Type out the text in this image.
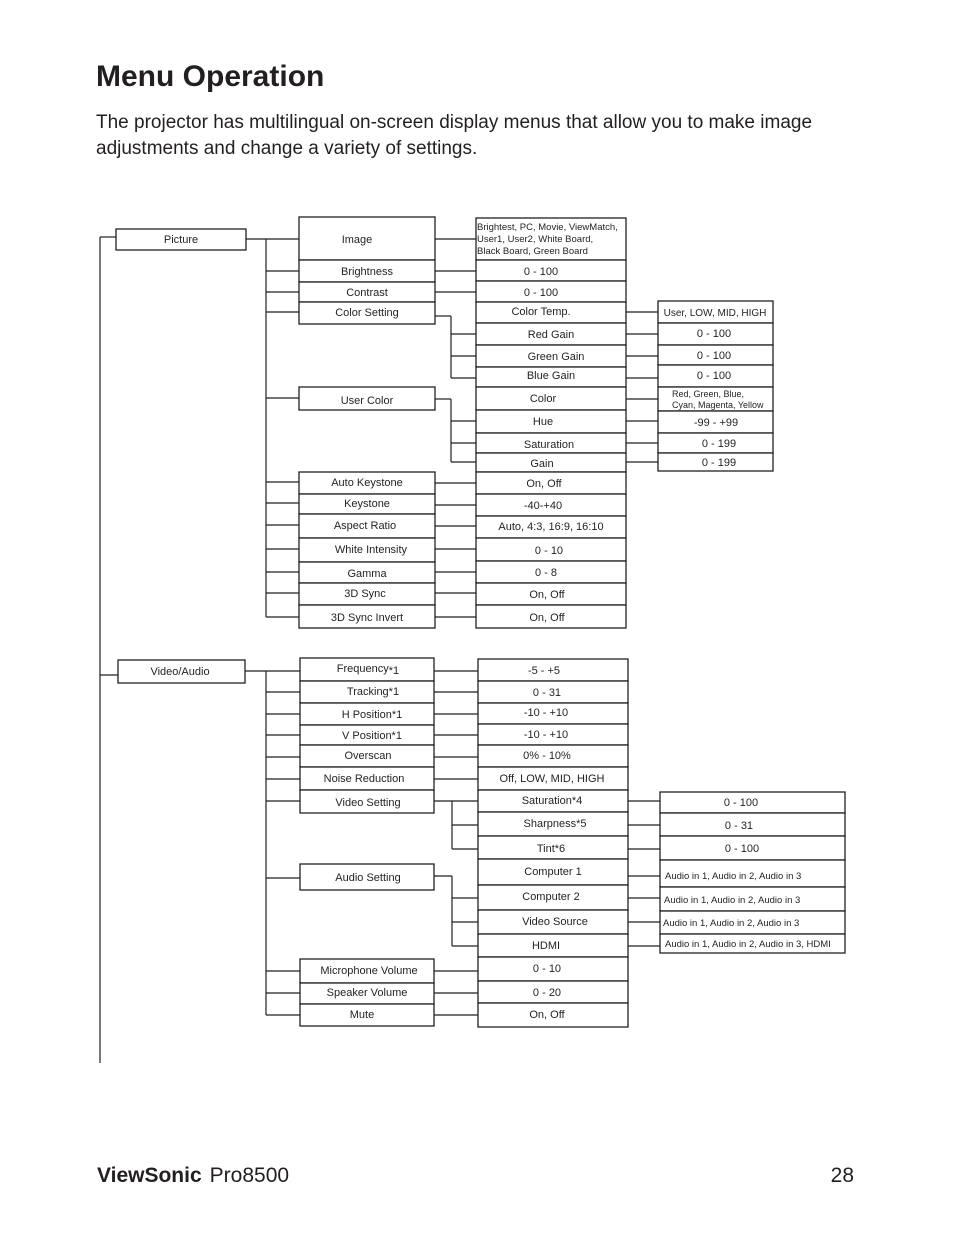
Menu Operation

The projector has multilingual on-screen display menus that allow you to make image adjustments and change a variety of settings.

Picture
Video/Audio
Image
Brightness
Contrast
Color Setting
User Color
Auto Keystone
Keystone
Aspect Ratio
White Intensity
Gamma
3D Sync
3D Sync Invert
Brightest, PC, Movie, ViewMatch,
User1, User2, White Board,
Black Board, Green Board
0 - 100
0 - 100
Color Temp.
Red Gain
Green Gain
Blue Gain
Color
Hue
Saturation
Gain
On, Off
-40-+40
Auto, 4:3, 16:9, 16:10
0 - 10
0 - 8
On, Off
On, Off
User, LOW, MID, HIGH
0 - 100
0 - 100
0 - 100
Red, Green, Blue,
Cyan, Magenta, Yellow
-99 - +99
0 - 199
0 - 199
Frequency*1
Tracking*1
H Position*1
V Position*1
Overscan
Noise Reduction
Video Setting
Audio Setting
Microphone Volume
Speaker Volume
Mute
-5 - +5
0 - 31
-10 - +10
-10 - +10
0% - 10%
Off, LOW, MID, HIGH
Saturation*4
Sharpness*5
Tint*6
Computer 1
Computer 2
Video Source
HDMI
0 - 10
0 - 20
On, Off
0 - 100
0 - 31
0 - 100
Audio in 1, Audio in 2, Audio in 3
Audio in 1, Audio in 2, Audio in 3
Audio in 1, Audio in 2, Audio in 3
Audio in 1, Audio in 2, Audio in 3, HDMI
ViewSonic Pro8500	28
